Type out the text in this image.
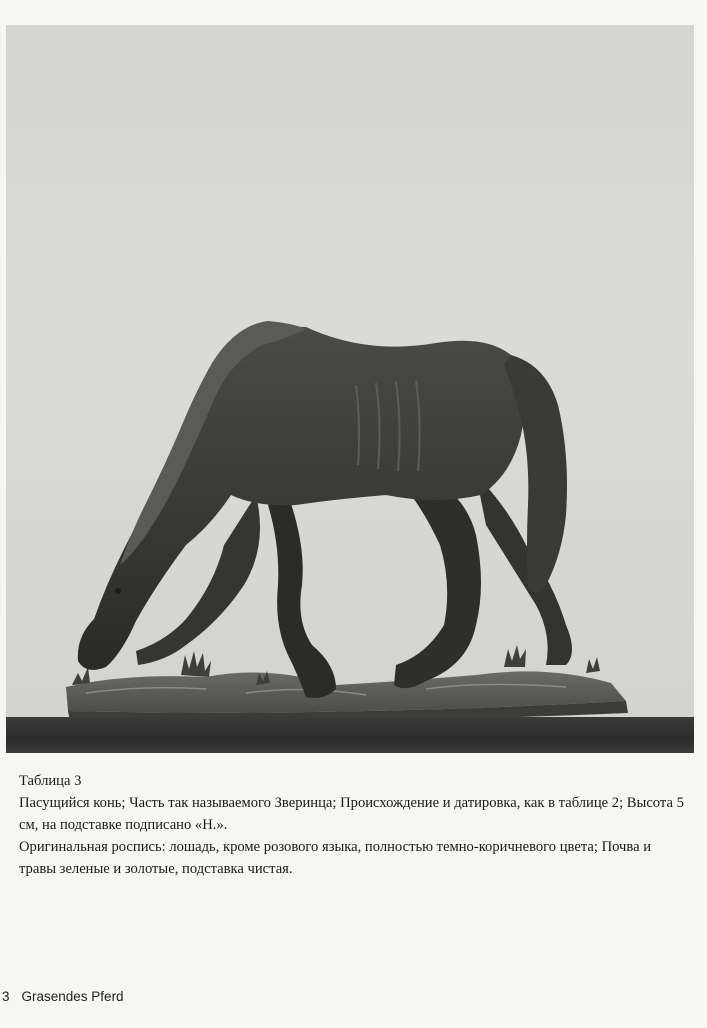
Таблица 3

Пасущийся конь; Часть так называемого Зверинца; Происхождение и датировка, как в таблице 2; Высота 5 см, на подставке подписано «Н.».

Оригинальная роспись: лошадь, кроме розового языка, полностью темно-коричневого цвета; Почва и травы зеленые и золотые, подставка чистая.

3 Grasendes Pferd
